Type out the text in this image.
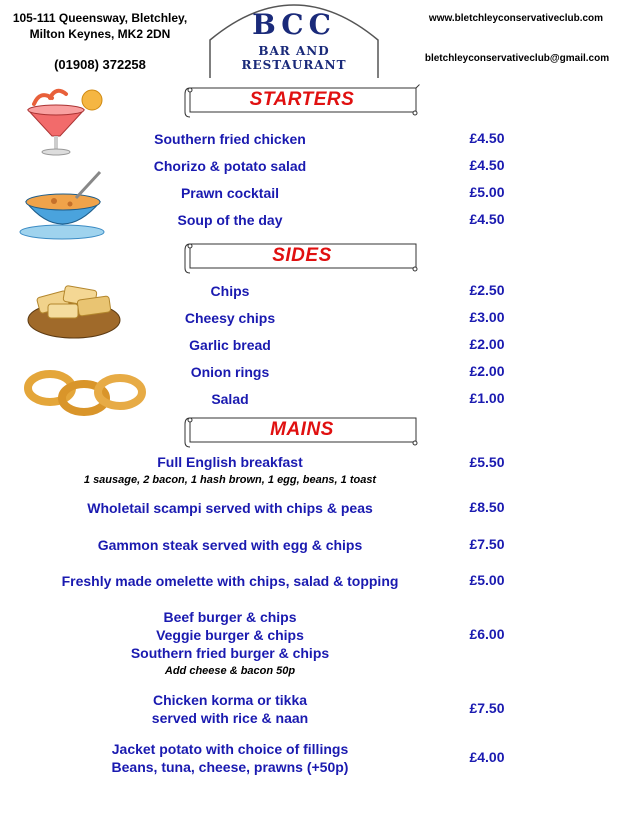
105-111 Queensway, Bletchley,
Milton Keynes, MK2 2DN
(01908) 372258
www.bletchleyconservativeclub.com
bletchleyconservativeclub@gmail.com
BCC
BAR AND
RESTAURANT
STARTERS
Southern fried chicken	£4.50
Chorizo & potato salad	£4.50
Prawn cocktail	£5.00
Soup of the day	£4.50
SIDES
Chips	£2.50
Cheesy chips	£3.00
Garlic bread	£2.00
Onion rings	£2.00
Salad	£1.00
MAINS
Full English breakfast
1 sausage, 2 bacon, 1 hash brown, 1 egg, beans, 1 toast
£5.50
Wholetail scampi served with chips & peas	£8.50
Gammon steak served with egg & chips	£7.50
Freshly made omelette with chips, salad & topping	£5.00
Beef burger & chips
Veggie burger & chips
Southern fried burger & chips
Add cheese & bacon 50p
£6.00
Chicken korma or tikka
served with rice & naan
£7.50
Jacket potato with choice of fillings
Beans, tuna, cheese, prawns (+50p)
£4.00
